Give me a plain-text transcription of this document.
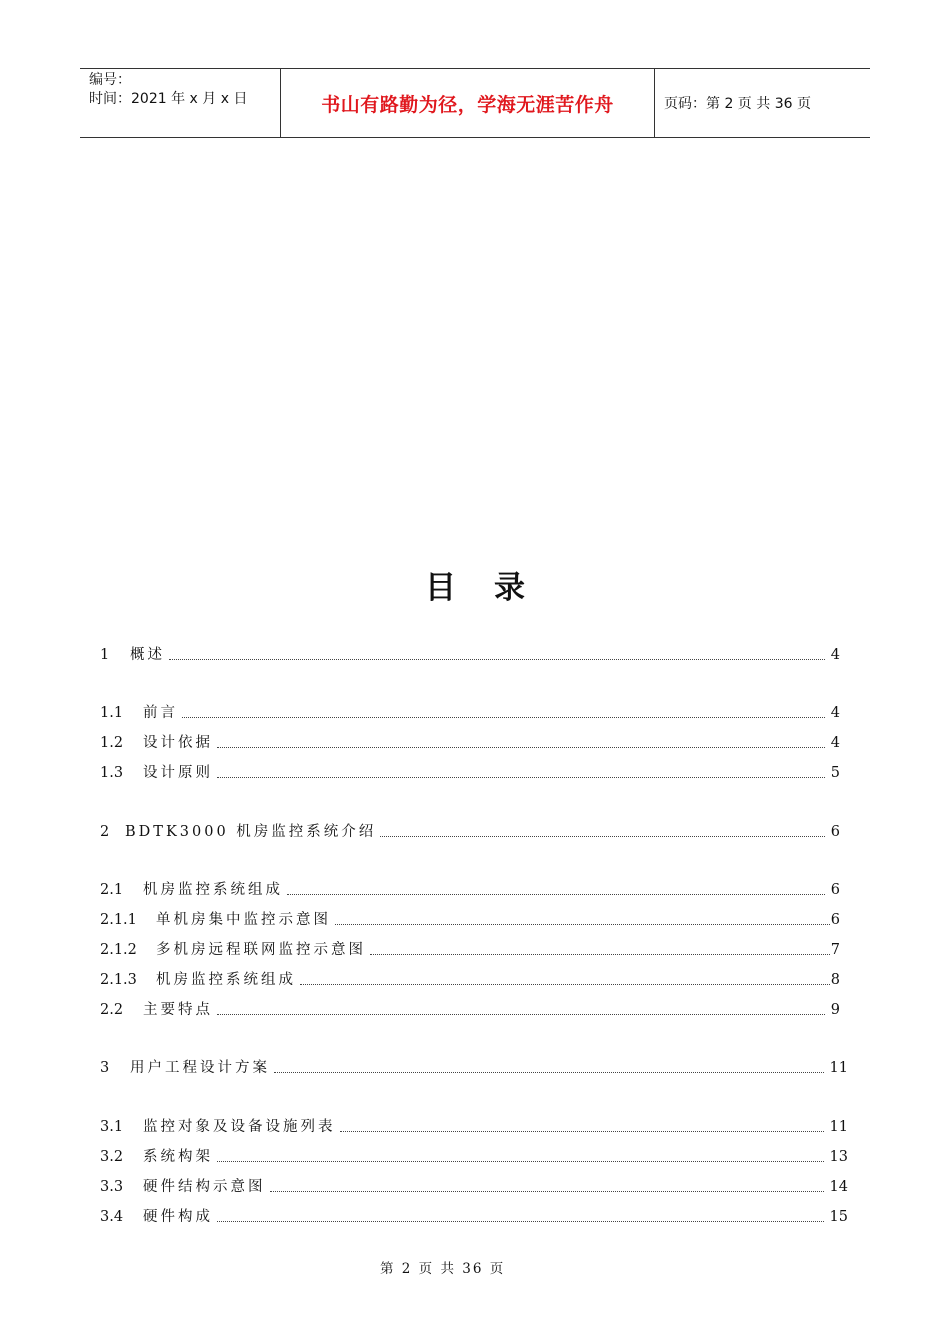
编号：
时间：2021 年 x 月 x 日	书山有路勤为径，学海无涯苦作舟	页码：第 2 页 共 36 页
目录
1	概述	4
1.1	前言	4
1.2	设计依据	4
1.3	设计原则	5
2	BDTK3000 机房监控系统介绍	6
2.1	机房监控系统组成	6
2.1.1	单机房集中监控示意图	6
2.1.2	多机房远程联网监控示意图	7
2.1.3	机房监控系统组成	8
2.2	主要特点	9
3	用户工程设计方案	11
3.1	监控对象及设备设施列表	11
3.2	系统构架	13
3.3	硬件结构示意图	14
3.4	硬件构成	15
第 2 页 共 36 页
